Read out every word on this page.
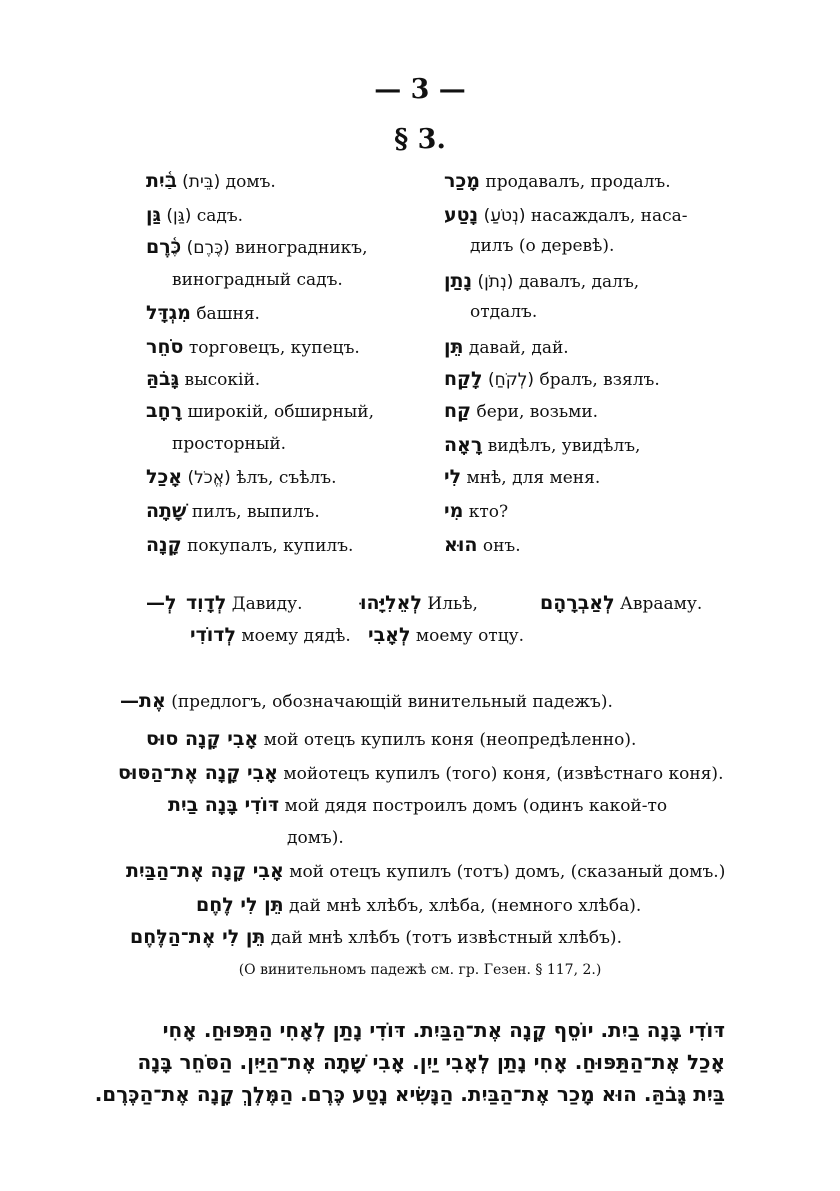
— 3 —
§ 3.
בַּ֫יִת (בֵּית) домъ.
גַּן (גַּן) садъ.
כֶּ֫רֶם (כֶּרֶם) виноградникъ,
виноградный садъ.
מִגְדָּל башня.
סֹחֵר торговецъ, купецъ.
גָּבֹהַּ высокiй.
רָחָב широкiй, обширный,
просторный.
אָכַל (אֱכֹל) ѣлъ, съѣлъ.
שָׁתָה пилъ, выпилъ.
קָנָה покупалъ, купилъ.
מָכַר продавалъ, продалъ.
נָטַע (נְטֹעַ) насаждалъ, наса-
дилъ (о деревѣ).
נָתַן (נְתֹן) давалъ, далъ,
отдалъ.
תֵּן давай, дай.
לָקַח (לְקֹחַ) бралъ, взялъ.
קַח бери, возьми.
רָאָה видѣлъ, увидѣлъ,
לִי мнѣ, для меня.
מִי кто?
הוּא онъ.
לְ— לְדָוִד Давиду.	לְאֵלִיָּהוּ Ильѣ,	לְאַבְרָהָם Аврааму.
לְדוֹדִי моему дядѣ. לְאָבִי моему отцу.
אֶת— (предлогъ, обозначающiй винительный падежъ).
אָבִי קָנָה סוּס мой отецъ купилъ коня (неопредѣленно).
אָבִי קָנָה אֶת־הַסּוּס мойотецъ купилъ (того) коня, (извѣстнаго коня).
דּוֹדִי בָּנָה בַיִת мой дядя построилъ домъ (одинъ какой-то
домъ).
אָבִי קָנָה אֶת־הַבַּיִת мой отецъ купилъ (тотъ) домъ, (сказаный домъ.)
תֵּן לִי לֶחֶם дай мнѣ хлѣбъ, хлѣба, (немного хлѣба).
תֵּן לִי אֶת־הַלֶּחֶם дай мнѣ хлѣбъ (тотъ извѣстный хлѣбъ).
(О винительномъ падежѣ см. гр. Гезен. § 117, 2.)
דּוֹדִי בָּנָה בַיִת. יוֹסֵף קָנָה אֶת־הַבַּיִת. דּוֹדִי נָתַן לְאָחִי הַתַּפּוּחַ. אָחִי
אָכַל אֶת־הַתַּפּוּחַ. אָחִי נָתַן לְאָבִי יַיִן. אָבִי שָׁתָה אֶת־הַיַּיִן. הַסֹּחֵר בָּנָה
בַּיִת גָּבֹהַּ. הוּא מָכַר אֶת־הַבַּיִת. הַנָּשִׂיא נָטַע כֶּרֶם. הַמֶּלֶךְ קָנָה אֶת־הַכֶּרֶם.
